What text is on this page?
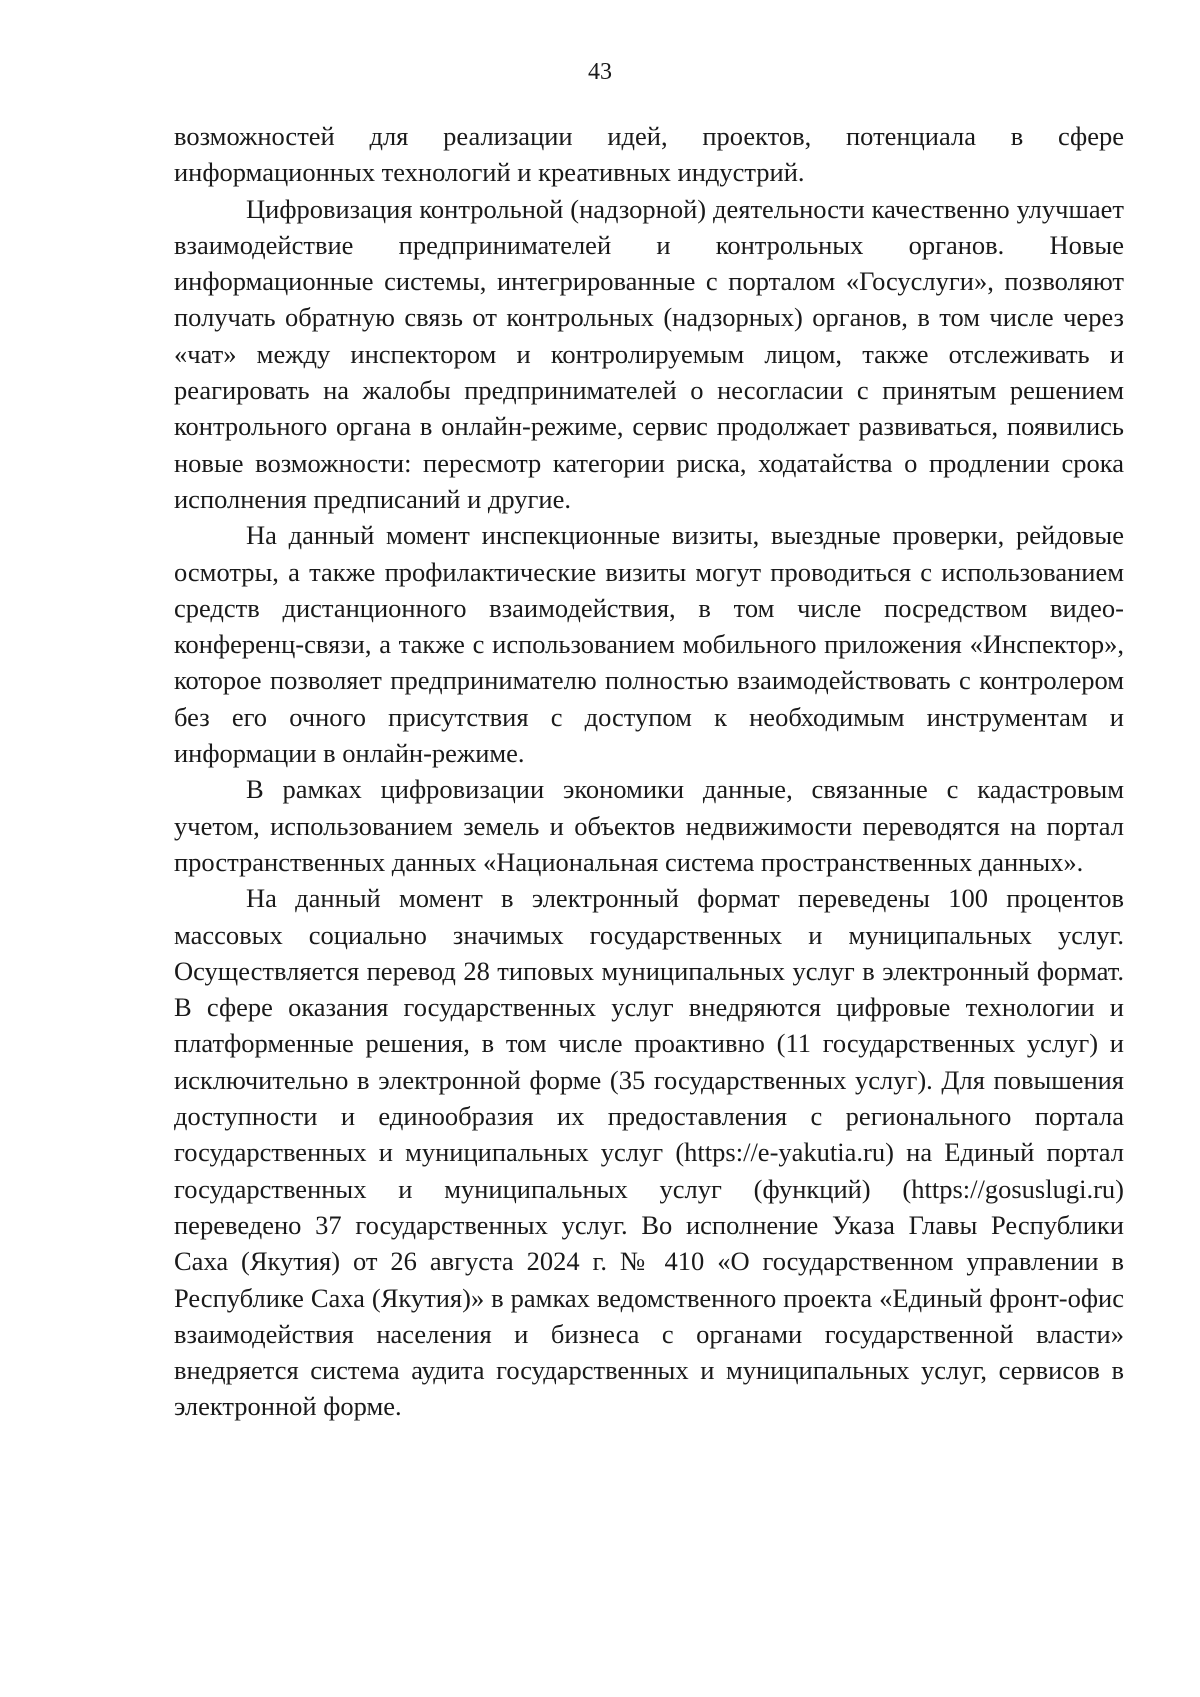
43

возможностей для реализации идей, проектов, потенциала в сфере информационных технологий и креативных индустрий.

Цифровизация контрольной (надзорной) деятельности качественно улучшает взаимодействие предпринимателей и контрольных органов. Новые информационные системы, интегрированные с порталом «Госуслуги», позволяют получать обратную связь от контрольных (надзорных) органов, в том числе через «чат» между инспектором и контролируемым лицом, также отслеживать и реагировать на жалобы предпринимателей о несогласии с принятым решением контрольного органа в онлайн-режиме, сервис продолжает развиваться, появились новые возможности: пересмотр категории риска, ходатайства о продлении срока исполнения предписаний и другие.

На данный момент инспекционные визиты, выездные проверки, рейдовые осмотры, а также профилактические визиты могут проводиться с использованием средств дистанционного взаимодействия, в том числе посредством видео-конференц-связи, а также с использованием мобильного приложения «Инспектор», которое позволяет предпринимателю полностью взаимодействовать с контролером без его очного присутствия с доступом к необходимым инструментам и информации в онлайн-режиме.

В рамках цифровизации экономики данные, связанные с кадастровым учетом, использованием земель и объектов недвижимости переводятся на портал пространственных данных «Национальная система пространственных данных».

На данный момент в электронный формат переведены 100 процентов массовых социально значимых государственных и муниципальных услуг. Осуществляется перевод 28 типовых муниципальных услуг в электронный формат. В сфере оказания государственных услуг внедряются цифровые технологии и платформенные решения, в том числе проактивно (11 государственных услуг) и исключительно в электронной форме (35 государственных услуг). Для повышения доступности и единообразия их предоставления с регионального портала государственных и муниципальных услуг (https://e-yakutia.ru) на Единый портал государственных и муниципальных услуг (функций) (https://gosuslugi.ru) переведено 37 государственных услуг. Во исполнение Указа Главы Республики Саха (Якутия) от 26 августа 2024 г. № 410 «О государственном управлении в Республике Саха (Якутия)» в рамках ведомственного проекта «Единый фронт-офис взаимодействия населения и бизнеса с органами государственной власти» внедряется система аудита государственных и муниципальных услуг, сервисов в электронной форме.
